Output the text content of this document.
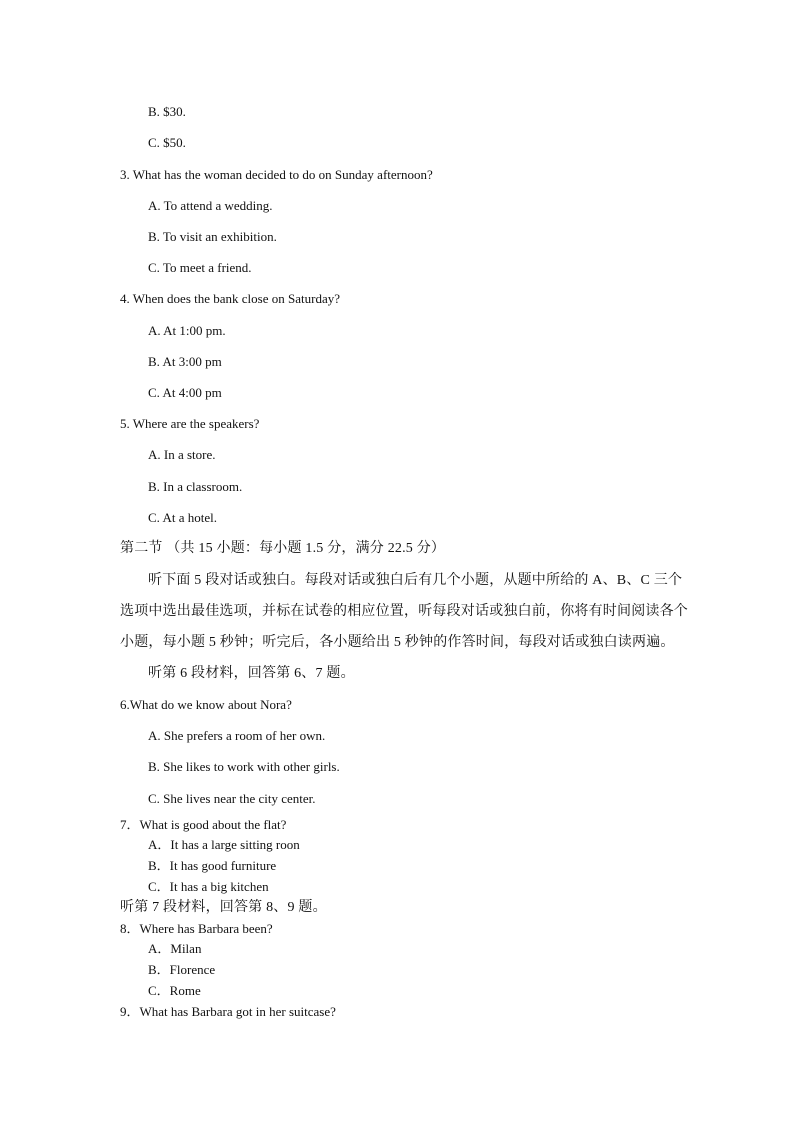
B. $30.
C. $50.
3. What has the woman decided to do on Sunday afternoon?
A. To attend a wedding.
B. To visit an exhibition.
C. To meet a friend.
4. When does the bank close on Saturday?
A. At 1:00 pm.
B. At 3:00 pm
C. At 4:00 pm
5. Where are the speakers?
A. In a store.
B. In a classroom.
C. At a hotel.
第二节 （共 15 小题：每小题 1.5 分，满分 22.5 分）
听下面 5 段对话或独白。每段对话或独白后有几个小题，从题中所给的 A、B、C 三个
选项中选出最佳选项，并标在试卷的相应位置，听每段对话或独白前，你将有时间阅读各个
小题，每小题 5 秒钟；听完后，各小题给出 5 秒钟的作答时间，每段对话或独白读两遍。
听第 6 段材料，回答第 6、7 题。
6.What do we know about Nora?
A. She prefers a room of her own.
B. She likes to work with other girls.
C. She lives near the city center.
7．What is good about the flat?
A．It has a large sitting roon
B．It has good furniture
C．It has a big kitchen
听第 7 段材料，回答第 8、9 题。
8．Where has Barbara been?
A．Milan
B．Florence
C．Rome
9．What has Barbara got in her suitcase?
